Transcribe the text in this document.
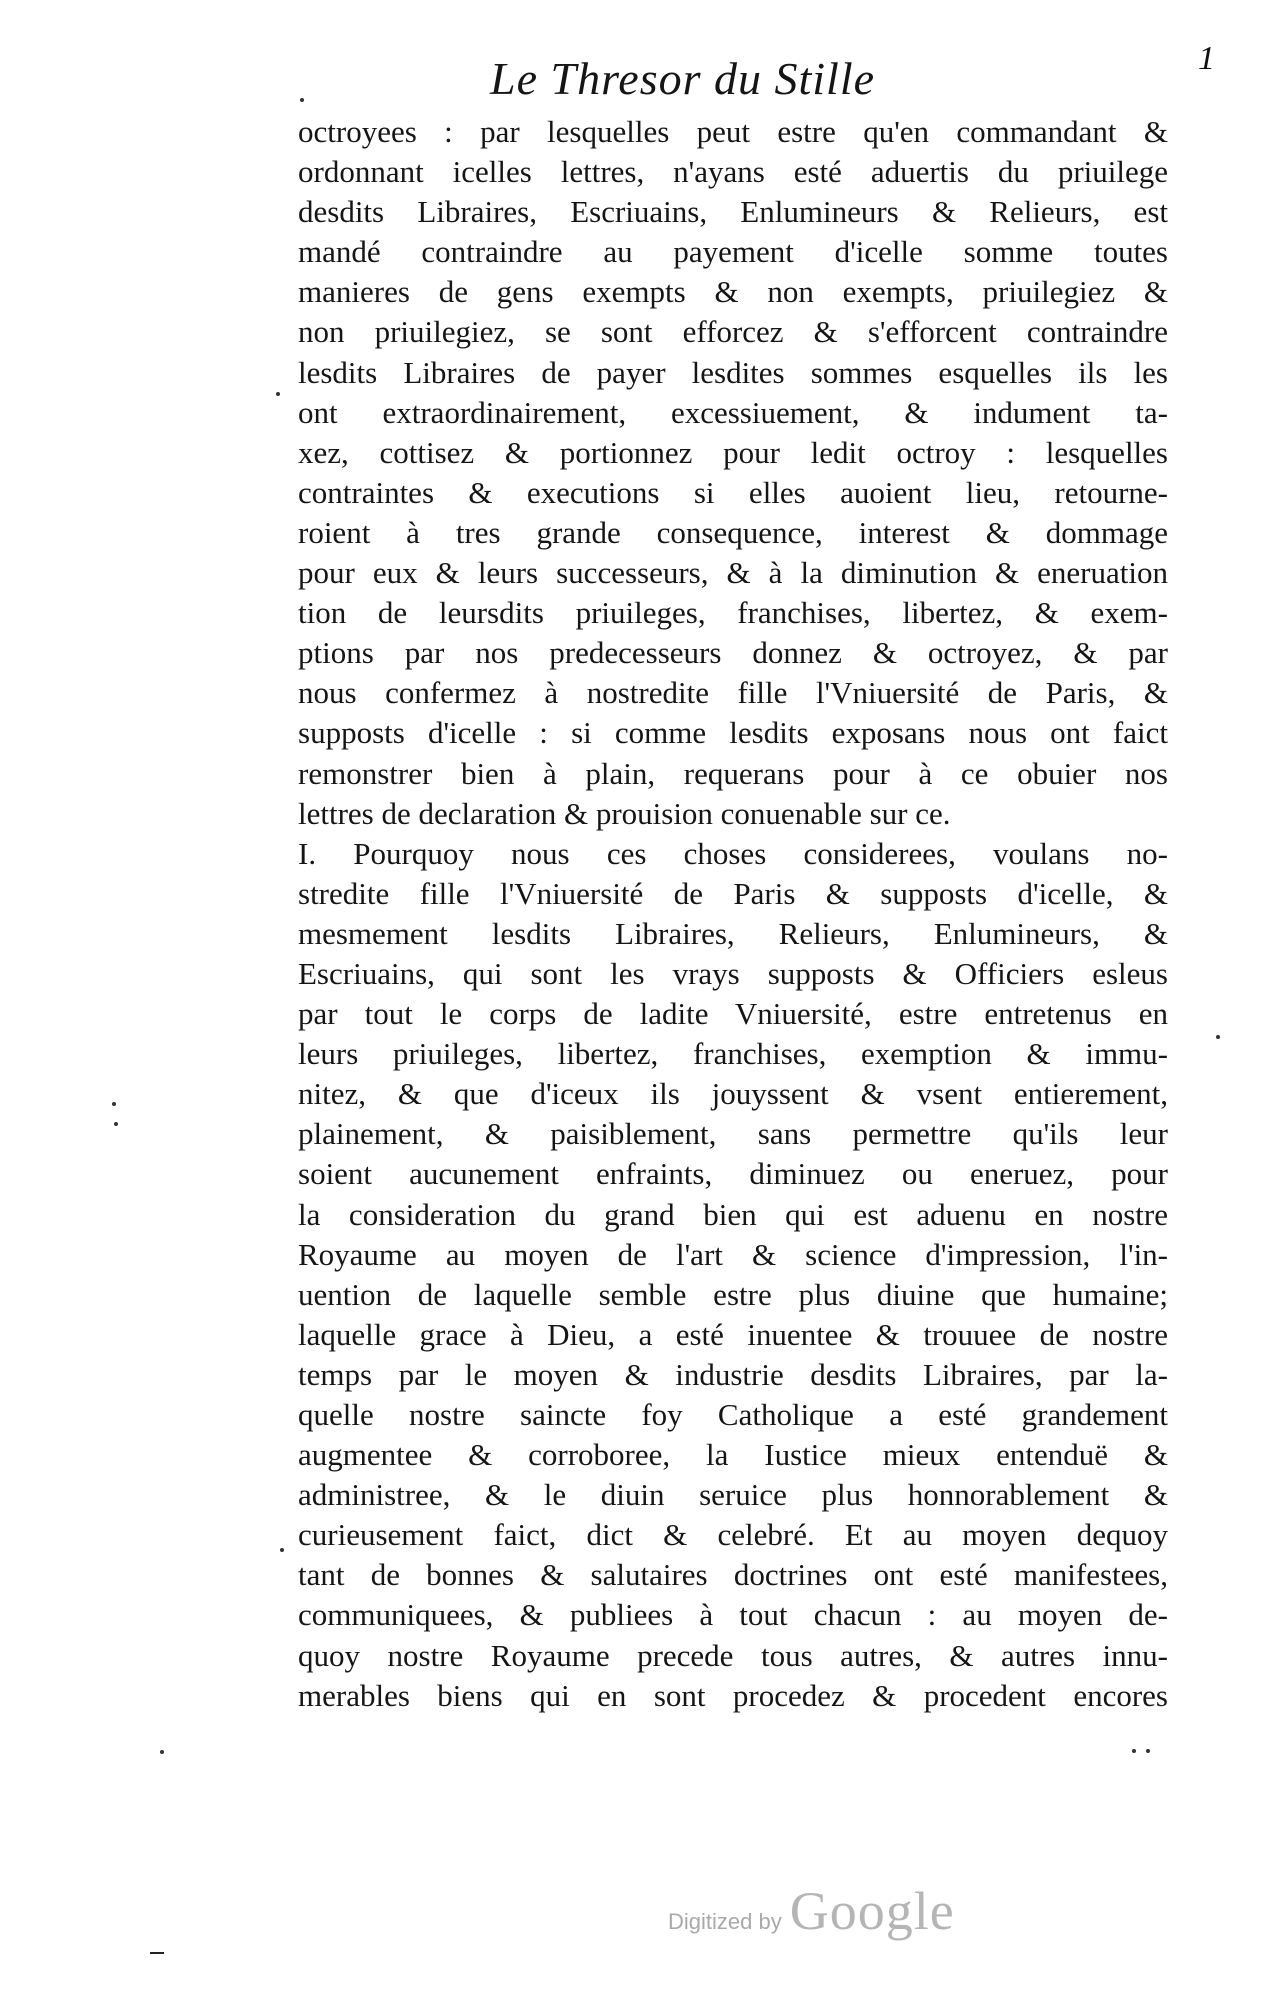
Le Thresor du Stille	1
octroyees : par lesquelles peut estre qu'en commandant &
ordonnant icelles lettres, n'ayans esté aduertis du priuilege
desdits Libraires, Escriuains, Enlumineurs & Relieurs, est
mandé contraindre au payement d'icelle somme toutes
manieres de gens exempts & non exempts, priuilegiez &
non priuilegiez, se sont efforcez & s'efforcent contraindre
lesdits Libraires de payer lesdites sommes esquelles ils les
ont extraordinairement, excessiuement, & indument ta-
xez, cottisez & portionnez pour ledit octroy : lesquelles
contraintes & executions si elles auoient lieu, retourne-
roient à tres grande consequence, interest & dommage
pour eux & leurs successeurs, & à la diminution & eneruation
tion de leursdits priuileges, franchises, libertez, & exem-
ptions par nos predecesseurs donnez & octroyez, & par
nous confermez à nostredite fille l'Vniuersité de Paris, &
supposts d'icelle : si comme lesdits exposans nous ont faict
remonstrer bien à plain, requerans pour à ce obuier nos
lettres de declaration & prouision conuenable sur ce.
I. Pourquoy nous ces choses considerees, voulans no-
stredite fille l'Vniuersité de Paris & supposts d'icelle, &
mesmement lesdits Libraires, Relieurs, Enlumineurs, &
Escriuains, qui sont les vrays supposts & Officiers esleus
par tout le corps de ladite Vniuersité, estre entretenus en
leurs priuileges, libertez, franchises, exemption & immu-
nitez, & que d'iceux ils jouyssent & vsent entierement,
plainement, & paisiblement, sans permettre qu'ils leur
soient aucunement enfraints, diminuez ou eneruez, pour
la consideration du grand bien qui est aduenu en nostre
Royaume au moyen de l'art & science d'impression, l'in-
uention de laquelle semble estre plus diuine que humaine;
laquelle grace à Dieu, a esté inuentee & trouuee de nostre
temps par le moyen & industrie desdits Libraires, par la-
quelle nostre saincte foy Catholique a esté grandement
augmentee & corroboree, la Iustice mieux entenduë &
administree, & le diuin seruice plus honnorablement &
curieusement faict, dict & celebré. Et au moyen dequoy
tant de bonnes & salutaires doctrines ont esté manifestees,
communiquees, & publiees à tout chacun : au moyen de-
quoy nostre Royaume precede tous autres, & autres innu-
merables biens qui en sont procedez & procedent encores
Digitized by Google
